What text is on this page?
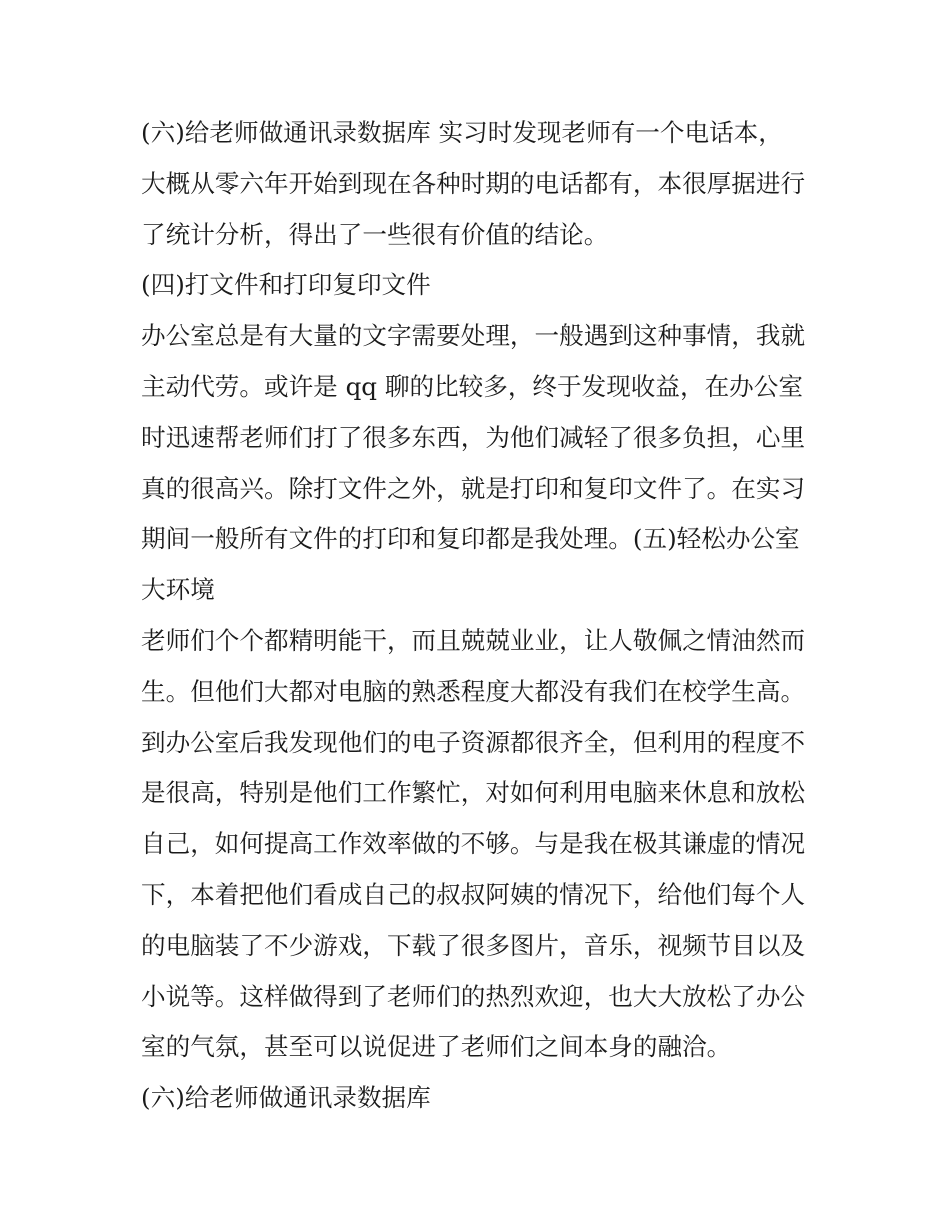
(六)给老师做通讯录数据库 实习时发现老师有一个电话本，
大概从零六年开始到现在各种时期的电话都有，本很厚据进行
了统计分析，得出了一些很有价值的结论。
(四)打文件和打印复印文件
办公室总是有大量的文字需要处理，一般遇到这种事情，我就
主动代劳。或许是 qq 聊的比较多，终于发现收益，在办公室
时迅速帮老师们打了很多东西，为他们减轻了很多负担，心里
真的很高兴。除打文件之外，就是打印和复印文件了。在实习
期间一般所有文件的打印和复印都是我处理。(五)轻松办公室
大环境
老师们个个都精明能干，而且兢兢业业，让人敬佩之情油然而
生。但他们大都对电脑的熟悉程度大都没有我们在校学生高。
到办公室后我发现他们的电子资源都很齐全，但利用的程度不
是很高，特别是他们工作繁忙，对如何利用电脑来休息和放松
自己，如何提高工作效率做的不够。与是我在极其谦虚的情况
下，本着把他们看成自己的叔叔阿姨的情况下，给他们每个人
的电脑装了不少游戏，下载了很多图片，音乐，视频节目以及
小说等。这样做得到了老师们的热烈欢迎，也大大放松了办公
室的气氛，甚至可以说促进了老师们之间本身的融洽。
(六)给老师做通讯录数据库
